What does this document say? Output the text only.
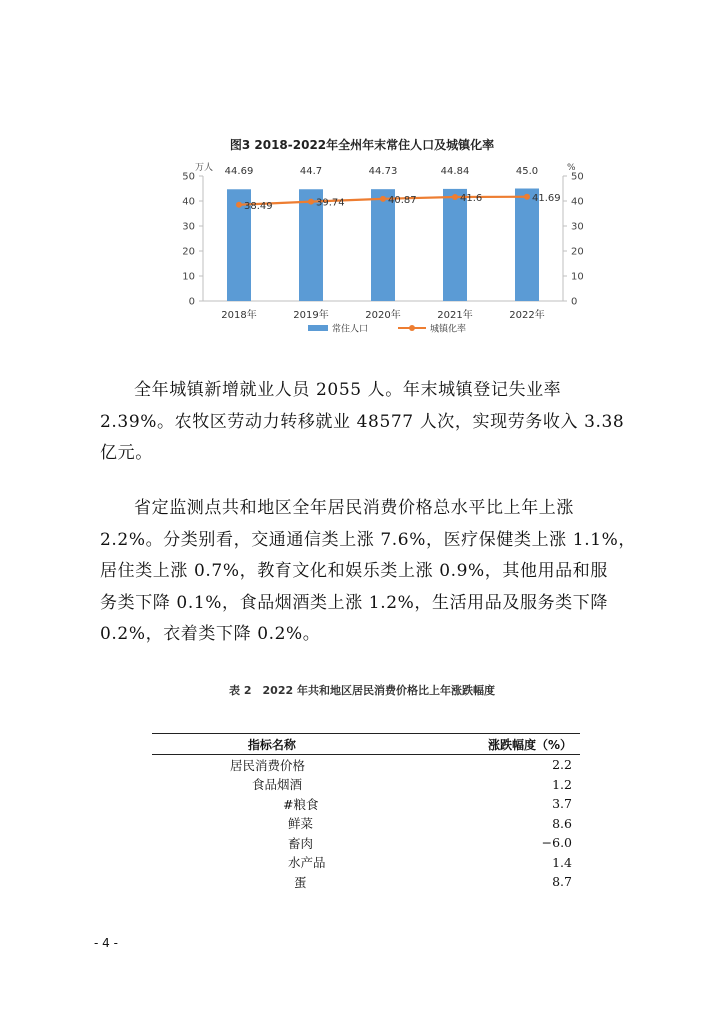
图3 2018-2022年全州年末常住人口及城镇化率
0	0
10	10
20	20
30	30
40	40
50	50
万人	%
44.69	44.7	44.73	44.84	45.0
38.49	39.74	40.87	41.6	41.69
2018年	2019年	2020年	2021年	2022年
常住人口	城镇化率

全年城镇新增就业人员 2055 人。年末城镇登记失业率
2.39%。农牧区劳动力转移就业 48577 人次，实现劳务收入 3.38
亿元。

省定监测点共和地区全年居民消费价格总水平比上年上涨
2.2%。分类别看，交通通信类上涨 7.6%，医疗保健类上涨 1.1%，
居住类上涨 0.7%，教育文化和娱乐类上涨 0.9%，其他用品和服
务类下降 0.1%，食品烟酒类上涨 1.2%，生活用品及服务类下降
0.2%，衣着类下降 0.2%。

表 2　2022 年共和地区居民消费价格比上年涨跌幅度
指标名称	涨跌幅度（%）
居民消费价格	2.2
食品烟酒	1.2
#粮食	3.7
鲜菜	8.6
畜肉	−6.0
水产品	1.4
蛋	8.7
- 4 -
